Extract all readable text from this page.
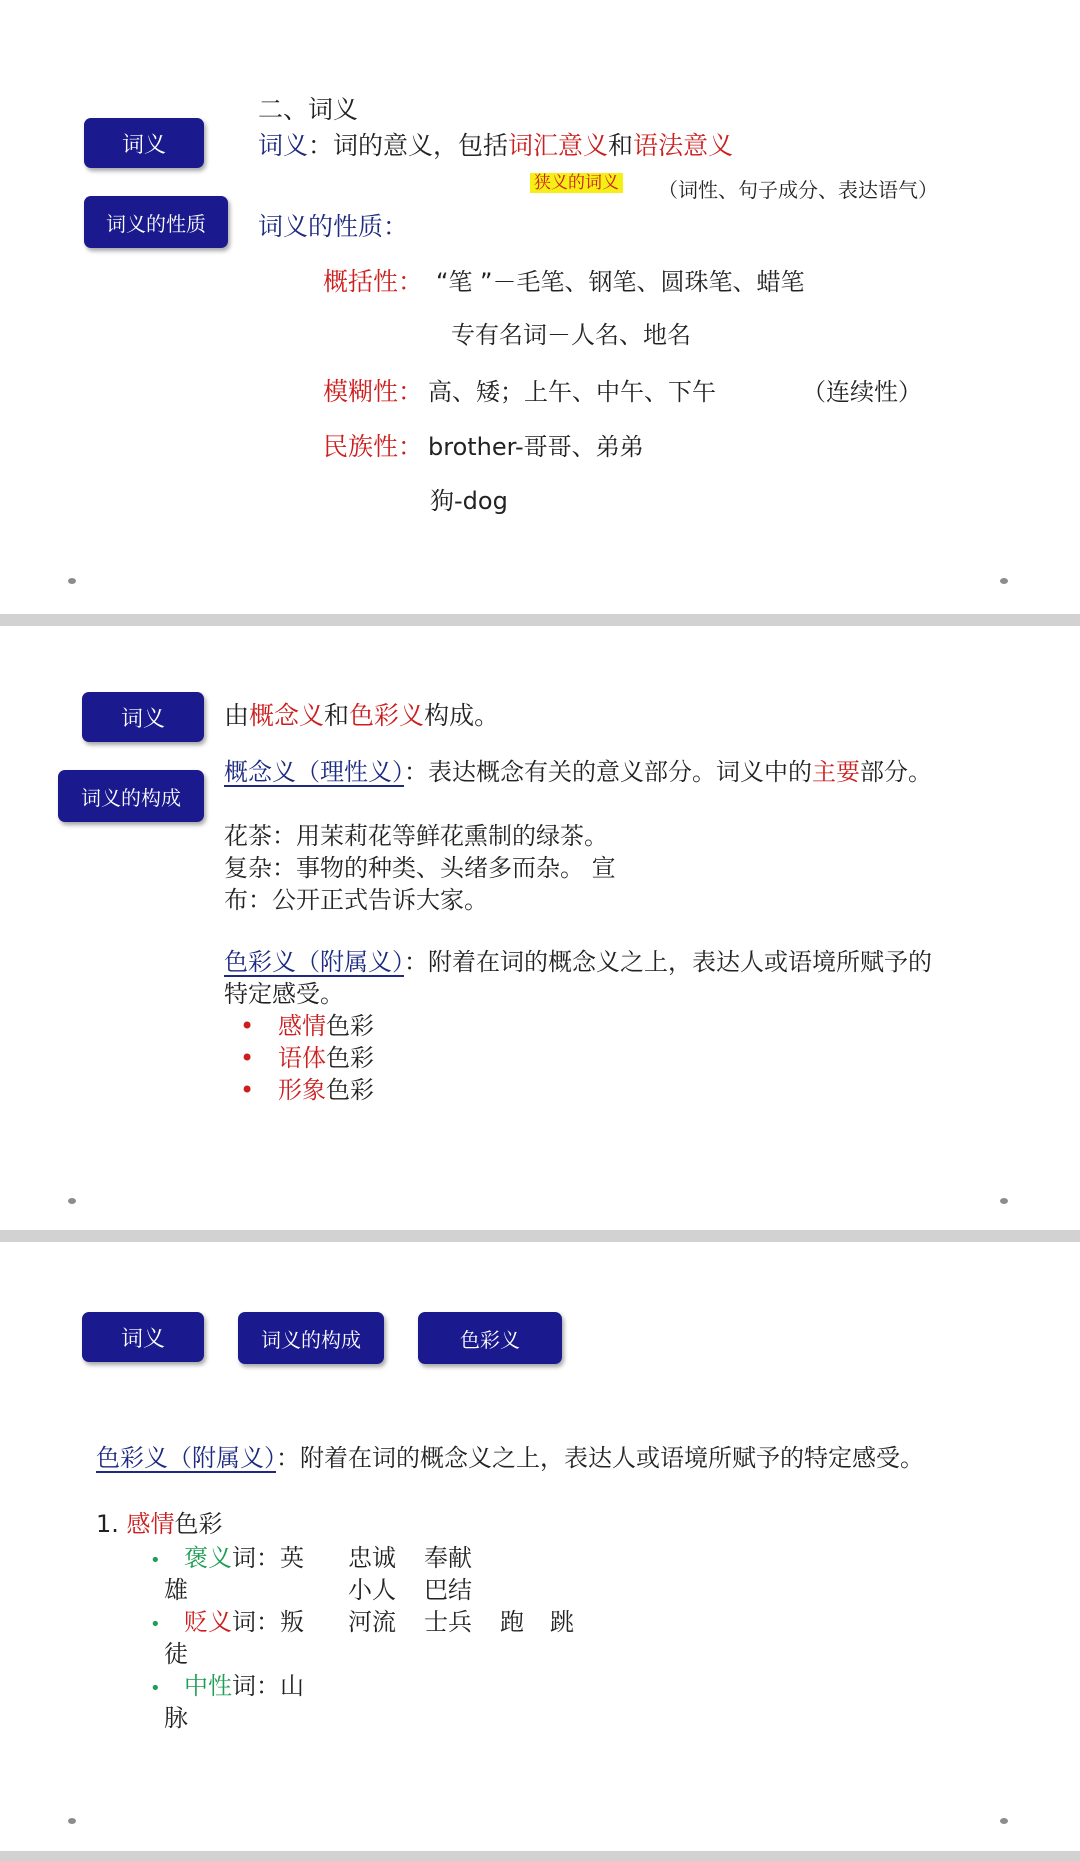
词义
词义的性质
二、词义
词义：词的意义，包括词汇意义和语法意义
狭义的词义 （词性、句子成分、表达语气）
词义的性质：
概括性： “笔 ”－毛笔、钢笔、圆珠笔、蜡笔
专有名词－人名、地名
模糊性： 高、矮；上午、中午、下午	（连续性）
民族性： brother-哥哥、弟弟
狗-dog
词义
词义的构成
由概念义和色彩义构成。
概念义（理性义）：表达概念有关的意义部分。词义中的主要部分。
花茶：用茉莉花等鲜花熏制的绿茶。
复杂：事物的种类、头绪多而杂。 宣
布：公开正式告诉大家。
色彩义（附属义）：附着在词的概念义之上，表达人或语境所赋予的
特定感受。
• 感情色彩
• 语体色彩
• 形象色彩
词义	词义的构成	色彩义
色彩义（附属义）：附着在词的概念义之上，表达人或语境所赋予的特定感受。
1. 感情色彩
• 褒义词：英 忠诚 奉献
雄	小人 巴结
• 贬义词：叛 河流 士兵 跑 跳
徒
• 中性词：山
脉
